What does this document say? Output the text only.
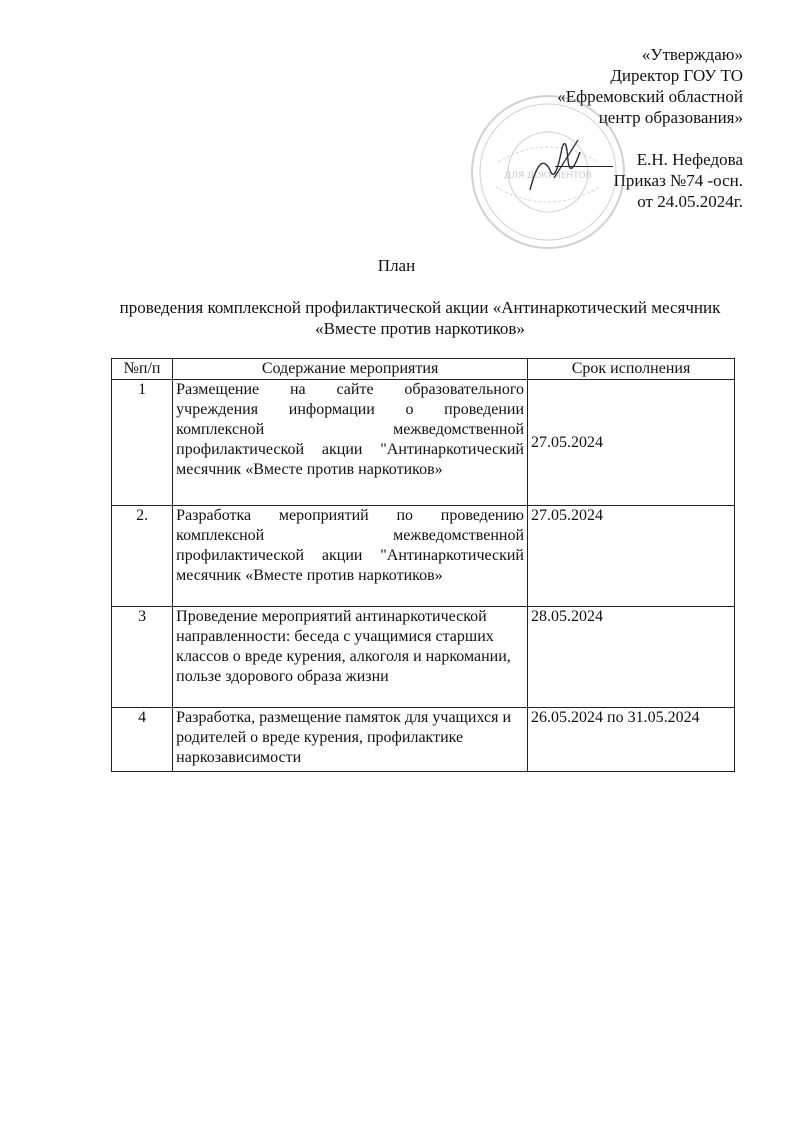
«Утверждаю»
Директор ГОУ ТО
«Ефремовский областной
центр образования»
Е.Н. Нефедова
Приказ №74 -осн.
от 24.05.2024г.
ДЛЯ ДОКУМЕНТОВ
План
проведения комплексной профилактической акции «Антинаркотический месячник «Вместе против наркотиков»
№п/п	Содержание мероприятия	Срок исполнения
1	Размещение на сайте образовательного учреждения информации о проведении комплексной межведомственной профилактической акции "Антинаркотический месячник «Вместе против наркотиков»	27.05.2024
2.	Разработка мероприятий по проведению комплексной межведомственной профилактической акции "Антинаркотический месячник «Вместе против наркотиков»	27.05.2024
3	Проведение мероприятий антинаркотической направленности: беседа с учащимися старших классов о вреде курения, алкоголя и наркомании, пользе здорового образа жизни	28.05.2024
4	Разработка, размещение памяток для учащихся и родителей о вреде курения, профилактике наркозависимости	26.05.2024 по 31.05.2024
